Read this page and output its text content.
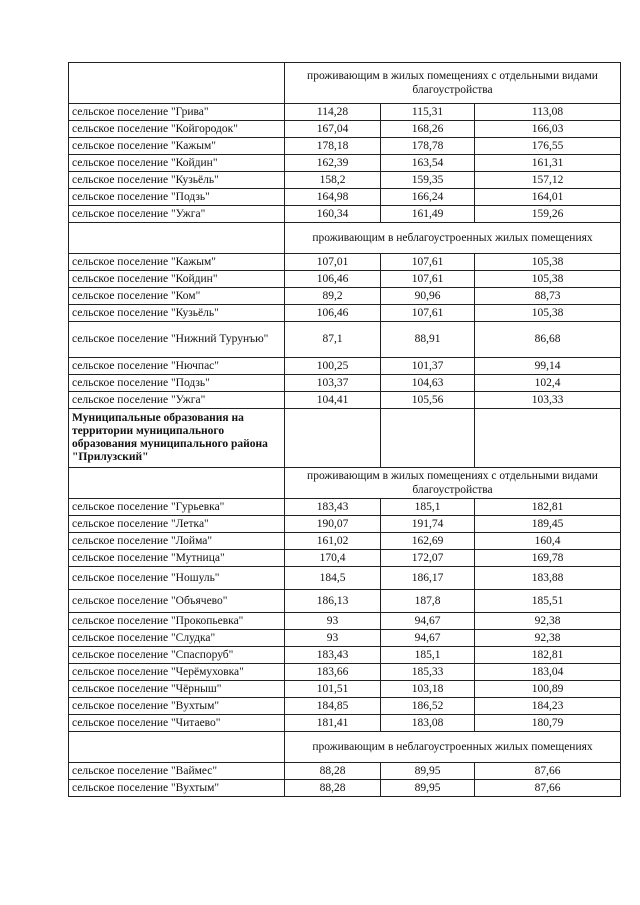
	проживающим в жилых помещениях с отдельными видами благоустройства		
сельское поселение "Грива"	114,28	115,31	113,08
сельское поселение "Койгородок"	167,04	168,26	166,03
сельское поселение "Кажым"	178,18	178,78	176,55
сельское поселение "Койдин"	162,39	163,54	161,31
сельское поселение "Кузьёль"	158,2	159,35	157,12
сельское поселение "Подзь"	164,98	166,24	164,01
сельское поселение "Ужга"	160,34	161,49	159,26
	проживающим в неблагоустроенных жилых помещениях		
сельское поселение "Кажым"	107,01	107,61	105,38
сельское поселение "Койдин"	106,46	107,61	105,38
сельское поселение "Ком"	89,2	90,96	88,73
сельское поселение "Кузьёль"	106,46	107,61	105,38
сельское поселение "Нижний Турунъю"	87,1	88,91	86,68
сельское поселение "Нючпас"	100,25	101,37	99,14
сельское поселение "Подзь"	103,37	104,63	102,4
сельское поселение "Ужга"	104,41	105,56	103,33
Муниципальные образования на территории муниципального образования муниципального района "Прилузский"			
	проживающим в жилых помещениях с отдельными видами благоустройства		
сельское поселение "Гурьевка"	183,43	185,1	182,81
сельское поселение "Летка"	190,07	191,74	189,45
сельское поселение "Лойма"	161,02	162,69	160,4
сельское поселение "Мутница"	170,4	172,07	169,78
сельское поселение "Ношуль"	184,5	186,17	183,88
сельское поселение "Объячево"	186,13	187,8	185,51
сельское поселение "Прокопьевка"	93	94,67	92,38
сельское поселение "Слудка"	93	94,67	92,38
сельское поселение "Спаспоруб"	183,43	185,1	182,81
сельское поселение "Черёмуховка"	183,66	185,33	183,04
сельское поселение "Чёрныш"	101,51	103,18	100,89
сельское поселение "Вухтым"	184,85	186,52	184,23
сельское поселение "Читаево"	181,41	183,08	180,79
	проживающим в неблагоустроенных жилых помещениях		
сельское поселение "Ваймес"	88,28	89,95	87,66
сельское поселение "Вухтым"	88,28	89,95	87,66
